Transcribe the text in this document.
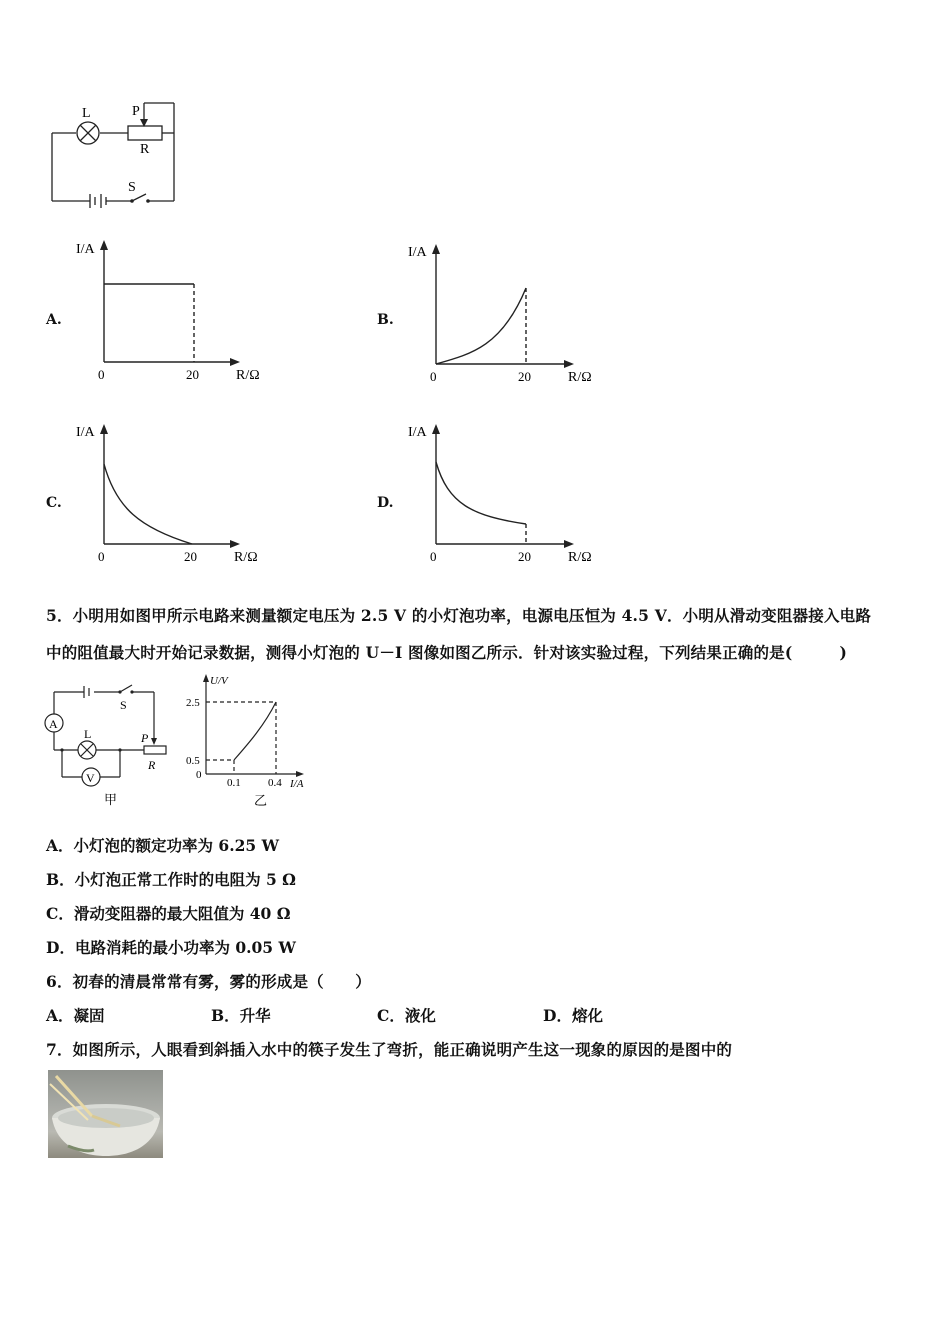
L	P
R
S
A.
I/A
R/Ω
0	20
B.
I/A
R/Ω
0	20
C.
I/A
R/Ω
0	20
D.
I/A
R/Ω
0	20
5．小明用如图甲所示电路来测量额定电压为 2.5 V 的小灯泡功率，电源电压恒为 4.5 V．小明从滑动变阻器接入电路
中的阻值最大时开始记录数据，测得小灯泡的 U－I 图像如图乙所示．针对该实验过程，下列结果正确的是(　　　)
A
V
L
S
P
R
甲
U/V
2.5
0.5
0
0.1 0.4 I/A
乙
A．小灯泡的额定功率为 6.25 W
B．小灯泡正常工作时的电阻为 5 Ω
C．滑动变阻器的最大阻值为 40 Ω
D．电路消耗的最小功率为 0.05 W
6．初春的清晨常常有雾，雾的形成是（　　）
A．凝固	B．升华	C．液化	D．熔化
7．如图所示，人眼看到斜插入水中的筷子发生了弯折，能正确说明产生这一现象的原因的是图中的
